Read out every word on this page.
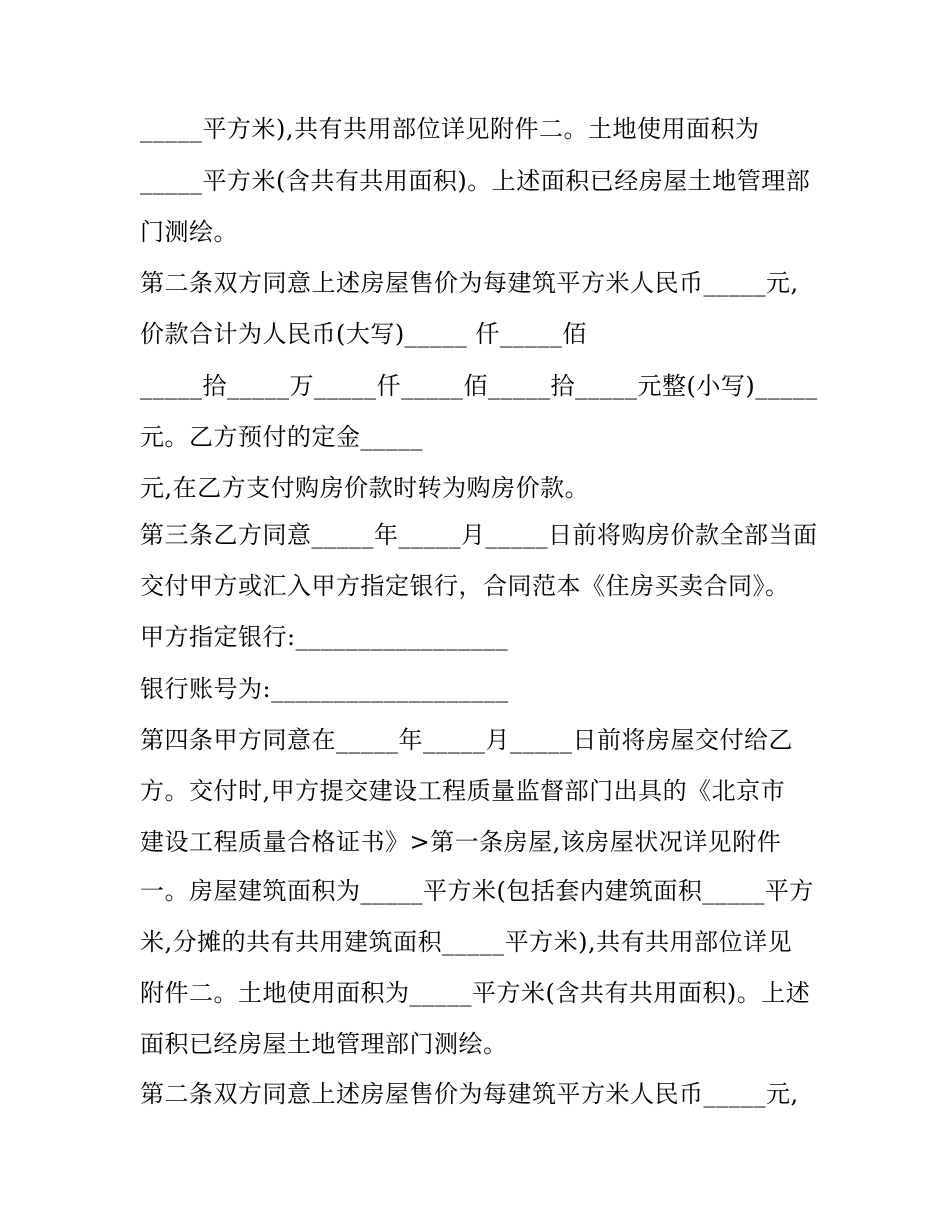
_____平方米),共有共用部位详见附件二。土地使用面积为

_____平方米(含共有共用面积)。上述面积已经房屋土地管理部

门测绘。

第二条双方同意上述房屋售价为每建筑平方米人民币_____元,

价款合计为人民币(大写)_____ 仟_____佰

_____拾_____万_____仟_____佰_____拾_____元整(小写)_____

元。乙方预付的定金_____

元,在乙方支付购房价款时转为购房价款。

第三条乙方同意_____年_____月_____日前将购房价款全部当面

交付甲方或汇入甲方指定银行，合同范本《住房买卖合同》。

甲方指定银行:_________________

银行账号为:___________________

第四条甲方同意在_____年_____月_____日前将房屋交付给乙

方。交付时,甲方提交建设工程质量监督部门出具的《北京市

建设工程质量合格证书》>第一条房屋,该房屋状况详见附件

一。房屋建筑面积为_____平方米(包括套内建筑面积_____平方

米,分摊的共有共用建筑面积_____平方米),共有共用部位详见

附件二。土地使用面积为_____平方米(含共有共用面积)。上述

面积已经房屋土地管理部门测绘。

第二条双方同意上述房屋售价为每建筑平方米人民币_____元,
